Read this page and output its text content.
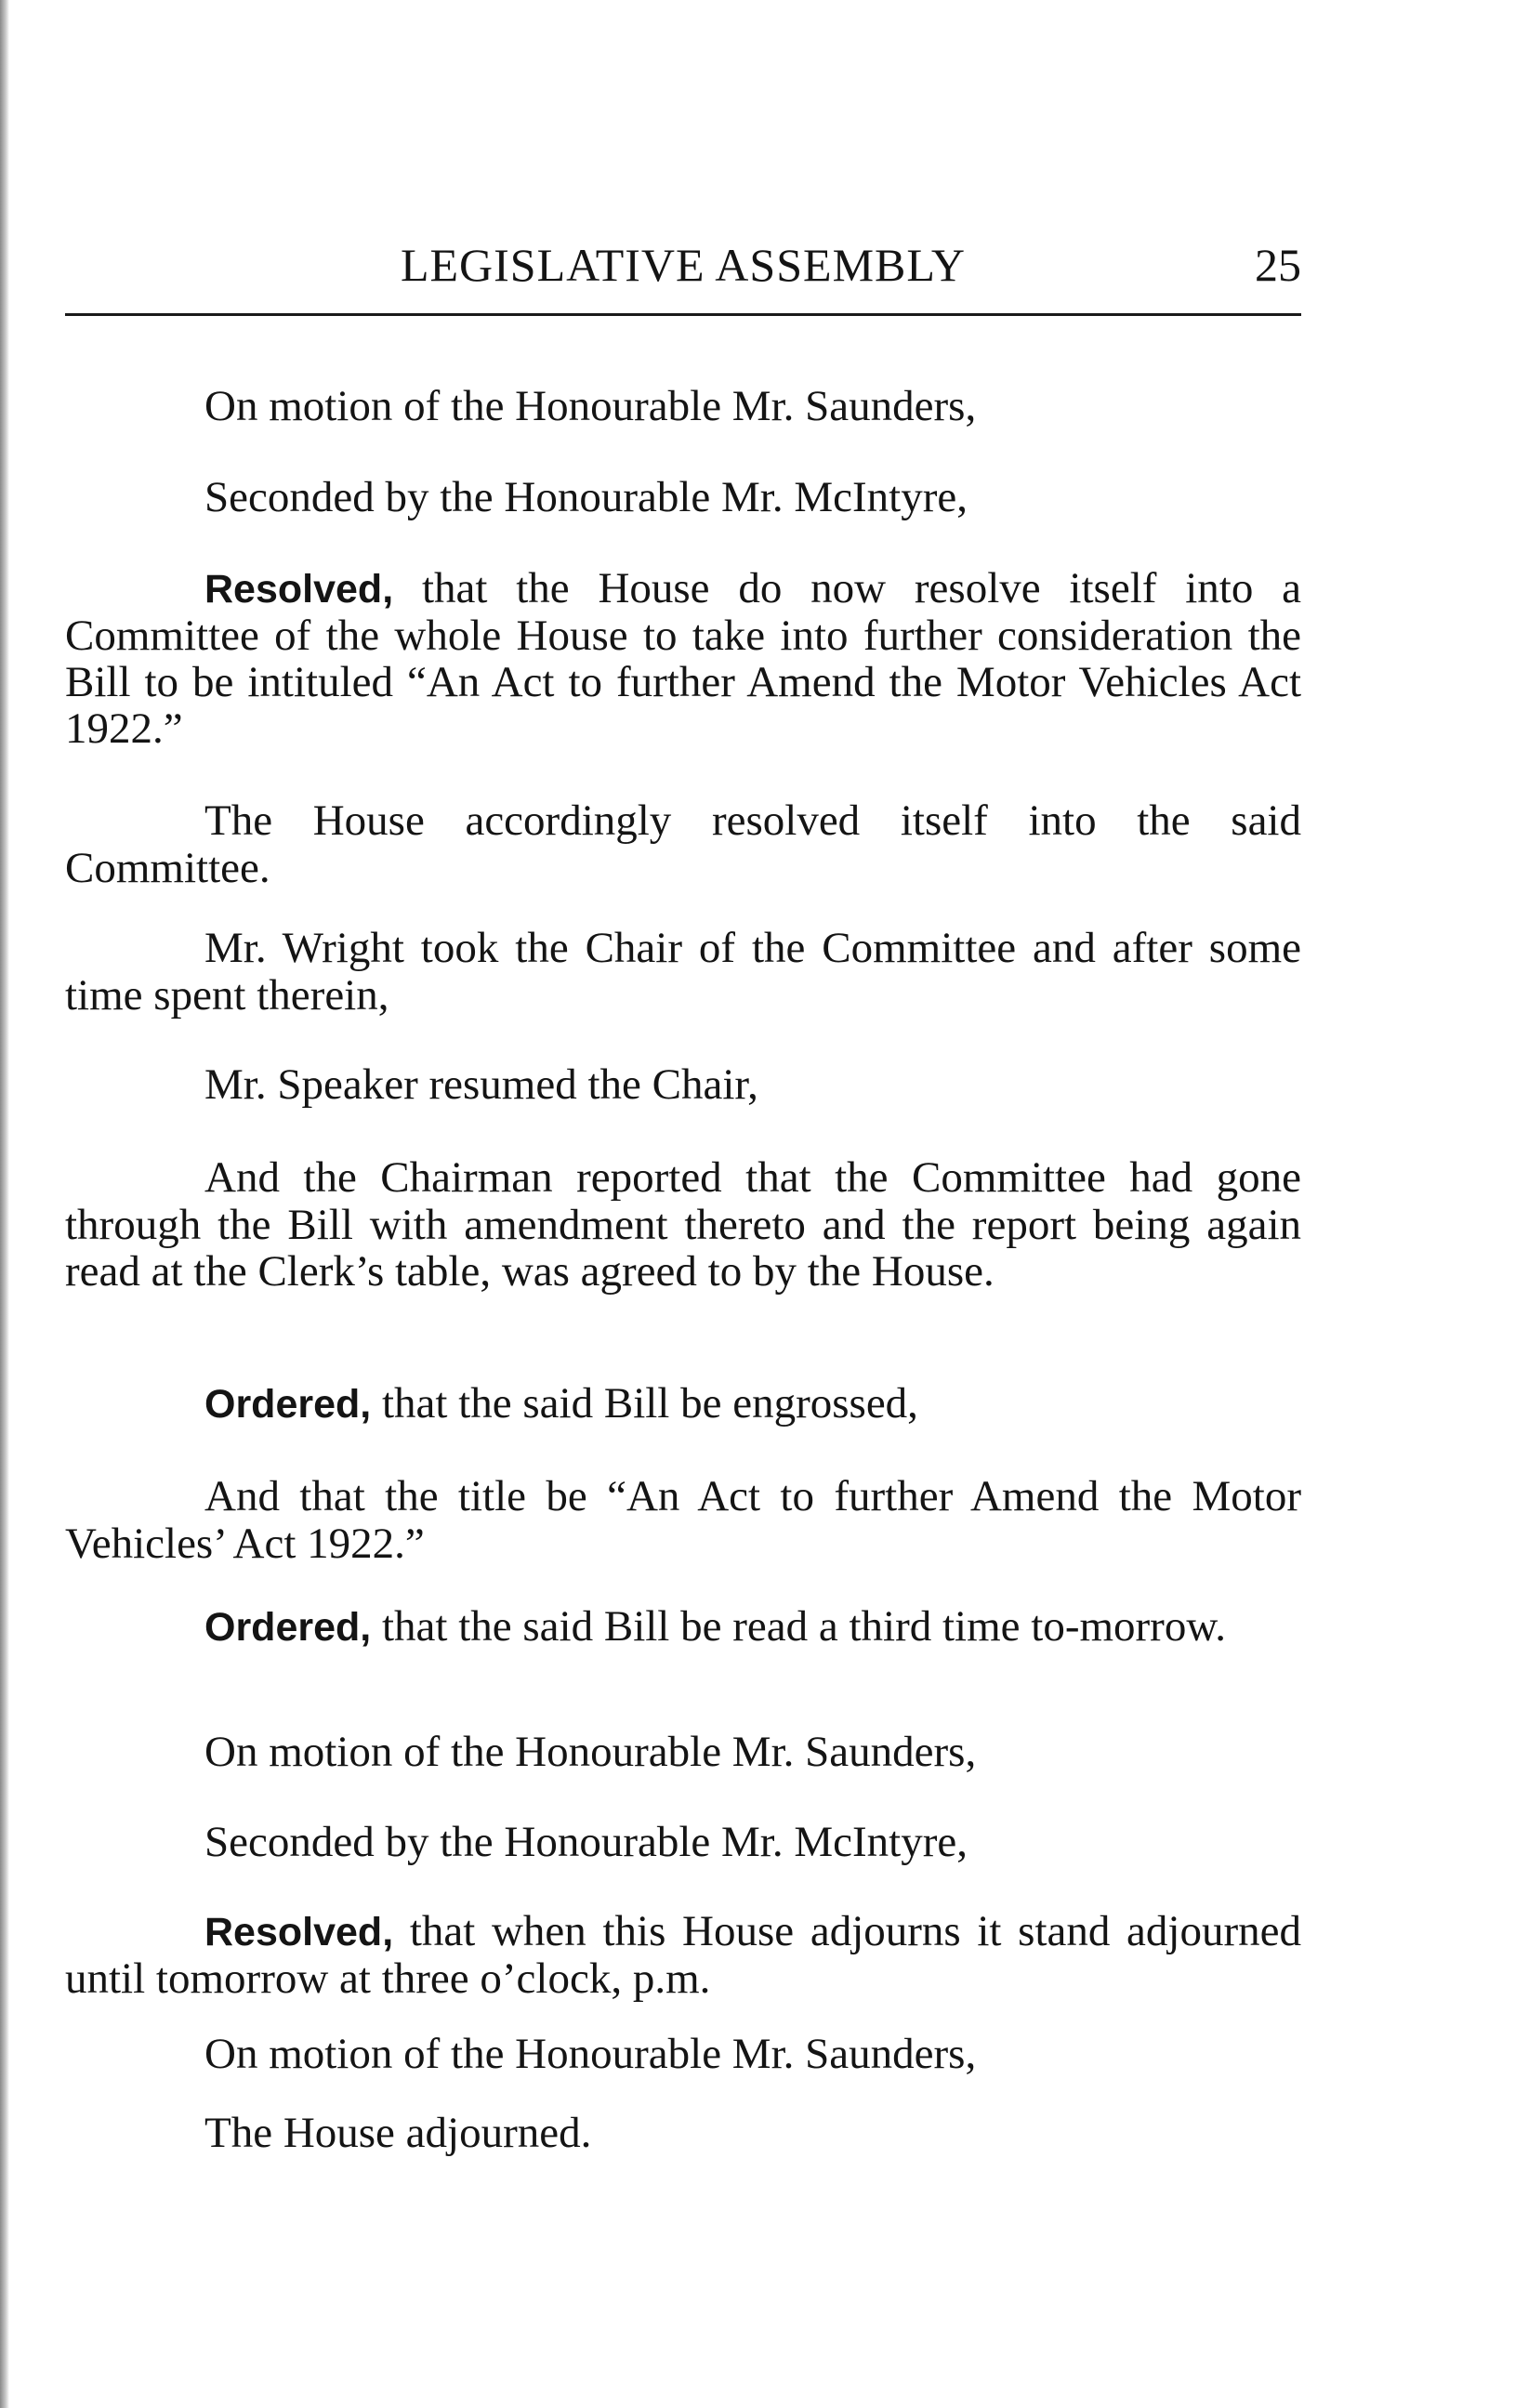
LEGISLATIVE ASSEMBLY	25

On motion of the Honourable Mr. Saunders,

Seconded by the Honourable Mr. McIntyre,

Resolved, that the House do now resolve itself into a Committee of the whole House to take into further consideration the Bill to be intituled “An Act to further Amend the Motor Vehicles Act 1922.”

The House accordingly resolved itself into the said Committee.

Mr. Wright took the Chair of the Committee and after some time spent therein,

Mr. Speaker resumed the Chair,

And the Chairman reported that the Committee had gone through the Bill with amendment thereto and the report being again read at the Clerk’s table, was agreed to by the House.

Ordered, that the said Bill be engrossed,

And that the title be “An Act to further Amend the Motor Vehicles’ Act 1922.”

Ordered, that the said Bill be read a third time to-morrow.

On motion of the Honourable Mr. Saunders,

Seconded by the Honourable Mr. McIntyre,

Resolved, that when this House adjourns it stand adjourned until tomorrow at three o’clock, p.m.

On motion of the Honourable Mr. Saunders,

The House adjourned.
